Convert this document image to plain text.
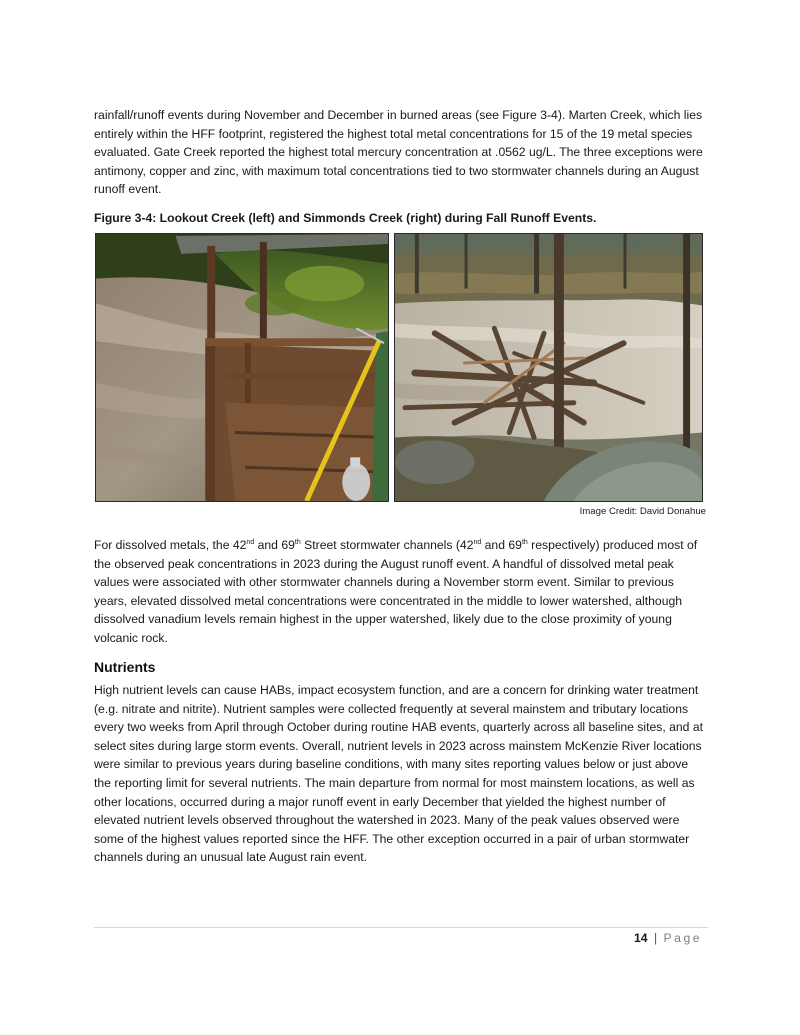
rainfall/runoff events during November and December in burned areas (see Figure 3-4). Marten Creek, which lies entirely within the HFF footprint, registered the highest total metal concentrations for 15 of the 19 metal species evaluated. Gate Creek reported the highest total mercury concentration at .0562 ug/L. The three exceptions were antimony, copper and zinc, with maximum total concentrations tied to two stormwater channels during an August runoff event.

Figure 3-4: Lookout Creek (left) and Simmonds Creek (right) during Fall Runoff Events.

Image Credit: David Donahue

For dissolved metals, the 42nd and 69th Street stormwater channels (42nd and 69th respectively) produced most of the observed peak concentrations in 2023 during the August runoff event. A handful of dissolved metal peak values were associated with other stormwater channels during a November storm event. Similar to previous years, elevated dissolved metal concentrations were concentrated in the middle to lower watershed, although dissolved vanadium levels remain highest in the upper watershed, likely due to the close proximity of young volcanic rock.

Nutrients

High nutrient levels can cause HABs, impact ecosystem function, and are a concern for drinking water treatment (e.g. nitrate and nitrite). Nutrient samples were collected frequently at several mainstem and tributary locations every two weeks from April through October during routine HAB events, quarterly across all baseline sites, and at select sites during large storm events. Overall, nutrient levels in 2023 across mainstem McKenzie River locations were similar to previous years during baseline conditions, with many sites reporting values below or just above the reporting limit for several nutrients. The main departure from normal for most mainstem locations, as well as other locations, occurred during a major runoff event in early December that yielded the highest number of elevated nutrient levels observed throughout the watershed in 2023. Many of the peak values observed were some of the highest values reported since the HFF. The other exception occurred in a pair of urban stormwater channels during an unusual late August rain event.

14 | Page
